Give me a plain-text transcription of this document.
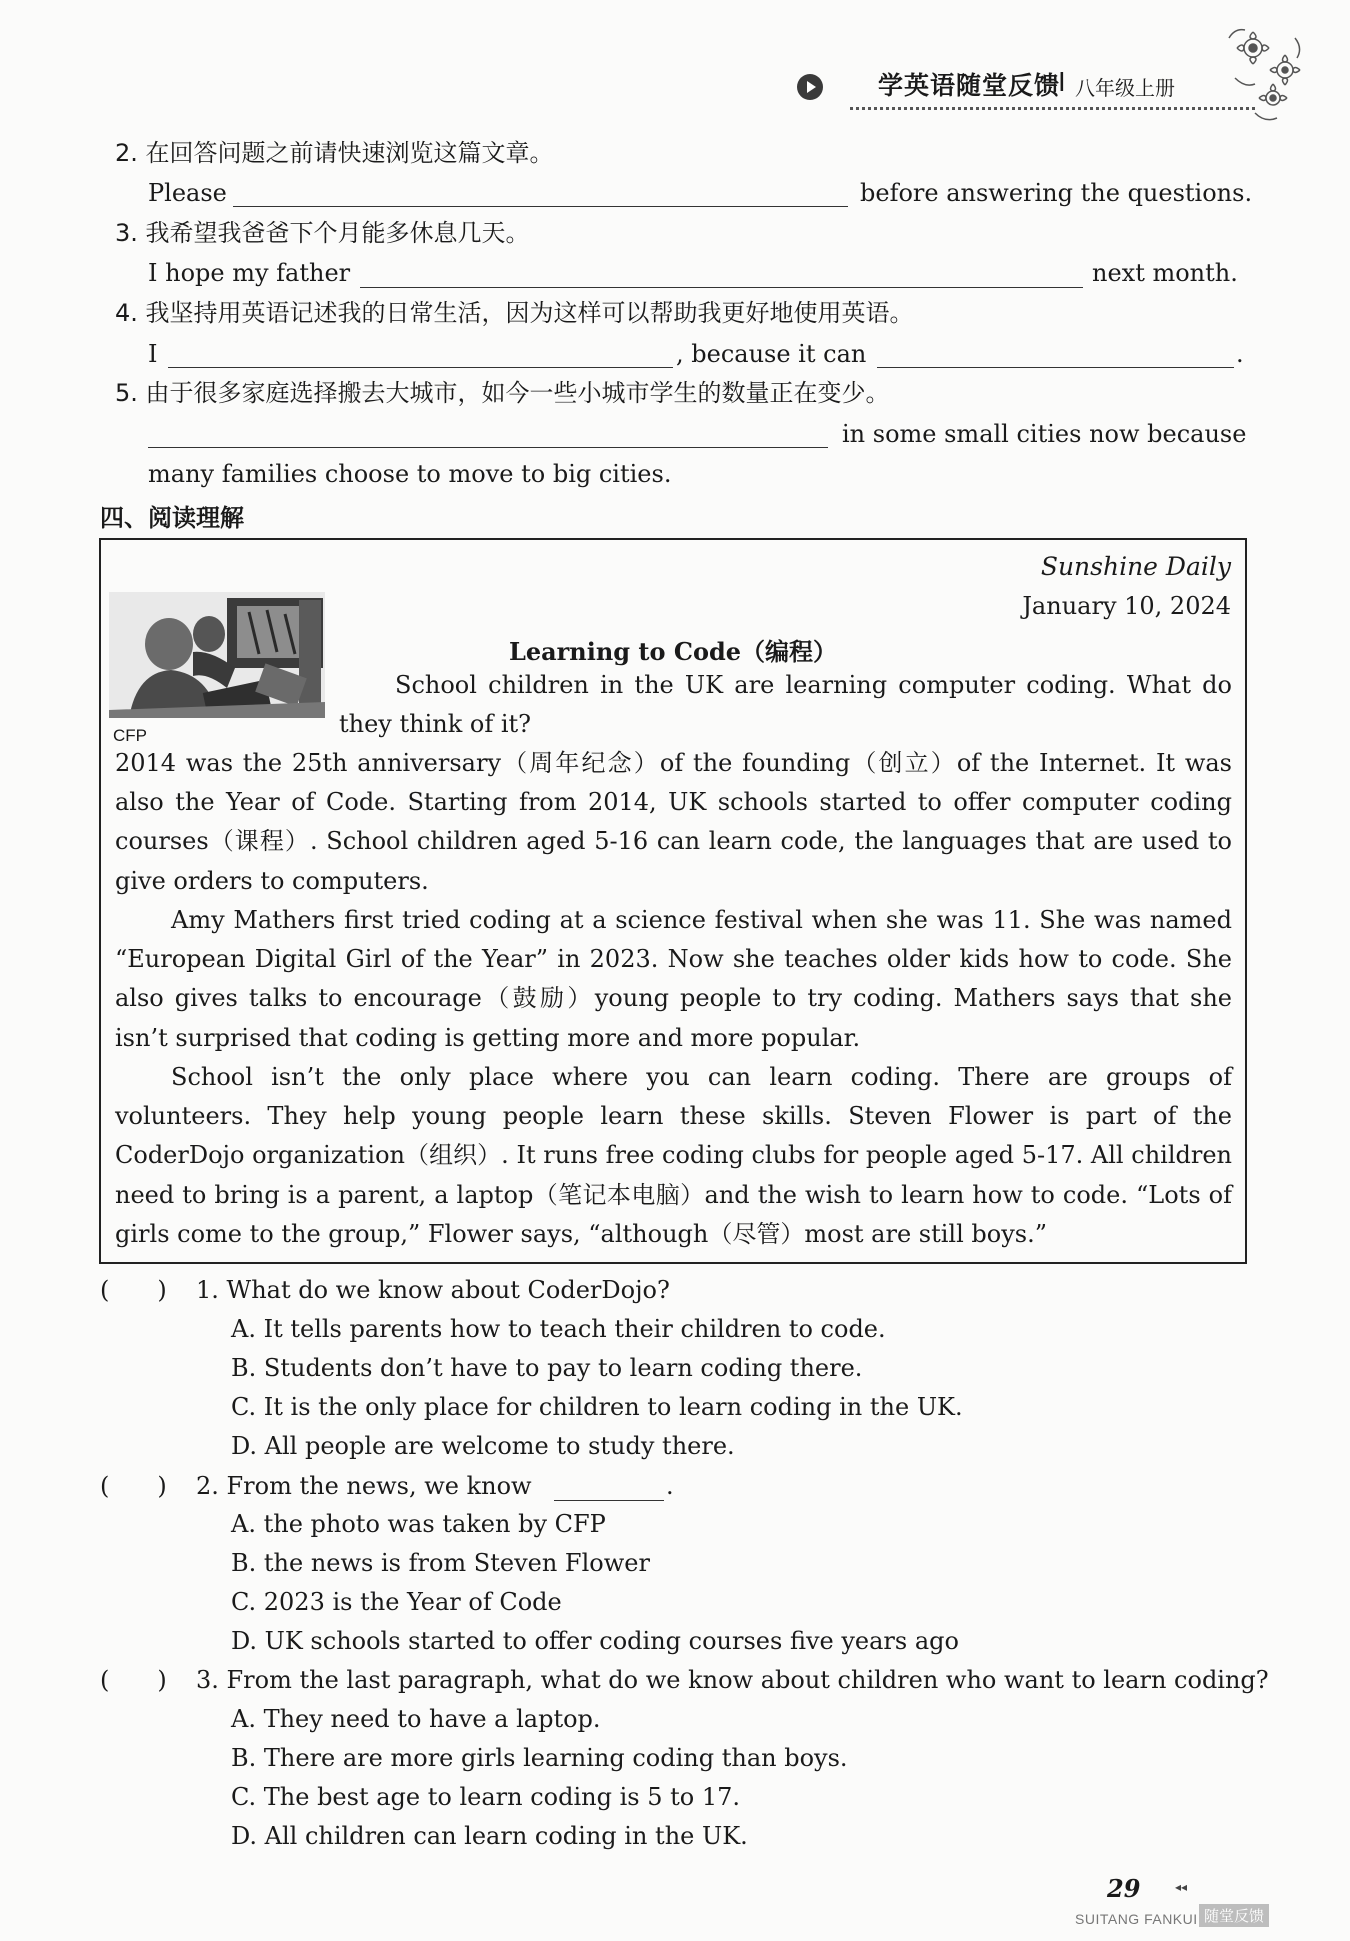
学英语随堂反馈
I 八年级上册
2. 在回答问题之前请快速浏览这篇文章。
Please	before answering the questions.
3. 我希望我爸爸下个月能多休息几天。
I hope my father	next month.
4. 我坚持用英语记述我的日常生活，因为这样可以帮助我更好地使用英语。
I	, because it can	.
5. 由于很多家庭选择搬去大城市，如今一些小城市学生的数量正在变少。
in some small cities now because
many families choose to move to big cities.
四、阅读理解
Sunshine Daily
January 10, 2024
CFP
Learning to Code（编程）
School children in the UK are learning computer coding. What do they think of it?
2014 was the 25th anniversary（周年纪念）of the founding（创立）of the Internet. It was also the Year of Code. Starting from 2014, UK schools started to offer computer coding courses（课程）. School children aged 5-16 can learn code, the languages that are used to give orders to computers.
Amy Mathers first tried coding at a science festival when she was 11. She was named “European Digital Girl of the Year” in 2023. Now she teaches older kids how to code. She also gives talks to encourage（鼓励）young people to try coding. Mathers says that she isn’t surprised that coding is getting more and more popular.
School isn’t the only place where you can learn coding. There are groups of volunteers. They help young people learn these skills. Steven Flower is part of the CoderDojo organization（组织）. It runs free coding clubs for people aged 5-17. All children need to bring is a parent, a laptop（笔记本电脑）and the wish to learn how to code. “Lots of girls come to the group,” Flower says, “although（尽管）most are still boys.”
(　　) 1. What do we know about CoderDojo?
A. It tells parents how to teach their children to code.
B. Students don’t have to pay to learn coding there.
C. It is the only place for children to learn coding in the UK.
D. All people are welcome to study there.
(　　) 2. From the news, we know	.
A. the photo was taken by CFP
B. the news is from Steven Flower
C. 2023 is the Year of Code
D. UK schools started to offer coding courses five years ago
(　　) 3. From the last paragraph, what do we know about children who want to learn coding?
A. They need to have a laptop.
B. There are more girls learning coding than boys.
C. The best age to learn coding is 5 to 17.
D. All children can learn coding in the UK.
29	◂◂
SUITANG FANKUI 随堂反馈
